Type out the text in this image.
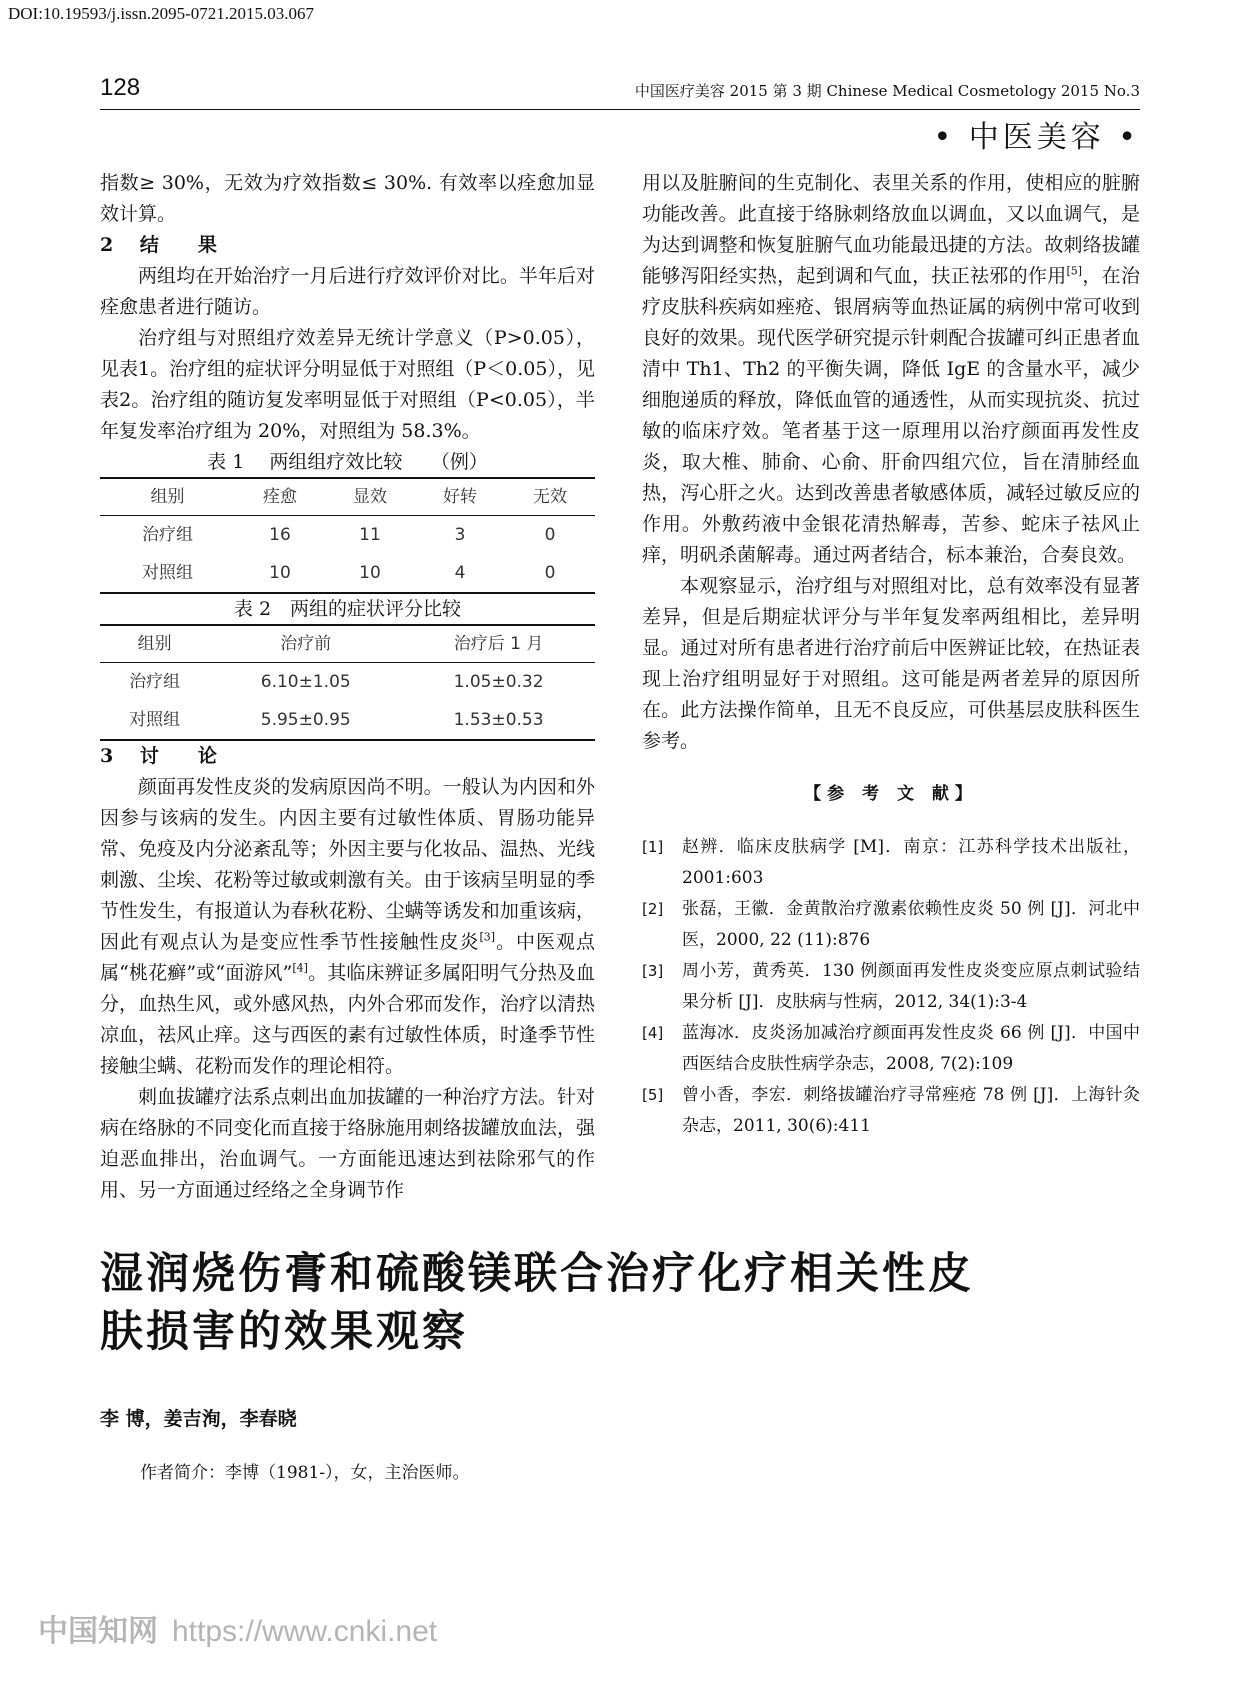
DOI:10.19593/j.issn.2095-0721.2015.03.067
128	中国医疗美容 2015 第 3 期 Chinese Medical Cosmetology 2015 No.3
• 中医美容 •

指数≥ 30%，无效为疗效指数≤ 30%. 有效率以痊愈加显效计算。

2 结　果

两组均在开始治疗一月后进行疗效评价对比。半年后对痊愈患者进行随访。

治疗组与对照组疗效差异无统计学意义（P>0.05），见表1。治疗组的症状评分明显低于对照组（P＜0.05），见表2。治疗组的随访复发率明显低于对照组（P<0.05），半年复发率治疗组为 20%，对照组为 58.3%。

表 1　 两组组疗效比较　　（例）

组别	痊愈	显效	好转	无效
治疗组	16	11	3	0
对照组	10	10	4	0

表 2　两组的症状评分比较

组别	治疗前	治疗后 1 月
治疗组	6.10±1.05	1.05±0.32
对照组	5.95±0.95	1.53±0.53

3 讨　论

颜面再发性皮炎的发病原因尚不明。一般认为内因和外因参与该病的发生。内因主要有过敏性体质、胃肠功能异常、免疫及内分泌紊乱等；外因主要与化妆品、温热、光线刺激、尘埃、花粉等过敏或刺激有关。由于该病呈明显的季节性发生，有报道认为春秋花粉、尘螨等诱发和加重该病，因此有观点认为是变应性季节性接触性皮炎[3]。中医观点属“桃花癣”或“面游风”[4]。其临床辨证多属阳明气分热及血分，血热生风，或外感风热，内外合邪而发作，治疗以清热凉血，祛风止痒。这与西医的素有过敏性体质，时逢季节性接触尘螨、花粉而发作的理论相符。

刺血拔罐疗法系点刺出血加拔罐的一种治疗方法。针对病在络脉的不同变化而直接于络脉施用刺络拔罐放血法，强迫恶血排出，治血调气。一方面能迅速达到祛除邪气的作用、另一方面通过经络之全身调节作

用以及脏腑间的生克制化、表里关系的作用，使相应的脏腑功能改善。此直接于络脉刺络放血以调血，又以血调气，是为达到调整和恢复脏腑气血功能最迅捷的方法。故刺络拔罐能够泻阳经实热，起到调和气血，扶正祛邪的作用[5]，在治疗皮肤科疾病如痤疮、银屑病等血热证属的病例中常可收到良好的效果。现代医学研究提示针刺配合拔罐可纠正患者血清中 Th1、Th2 的平衡失调，降低 IgE 的含量水平，减少细胞递质的释放，降低血管的通透性，从而实现抗炎、抗过敏的临床疗效。笔者基于这一原理用以治疗颜面再发性皮炎，取大椎、肺俞、心俞、肝俞四组穴位，旨在清肺经血热，泻心肝之火。达到改善患者敏感体质，减轻过敏反应的作用。外敷药液中金银花清热解毒，苦参、蛇床子祛风止痒，明矾杀菌解毒。通过两者结合，标本兼治，合奏良效。

本观察显示，治疗组与对照组对比，总有效率没有显著差异，但是后期症状评分与半年复发率两组相比，差异明显。通过对所有患者进行治疗前后中医辨证比较，在热证表现上治疗组明显好于对照组。这可能是两者差异的原因所在。此方法操作简单，且无不良反应，可供基层皮肤科医生参考。

【参 考 文 献】
[1]	赵辨．临床皮肤病学 [M]．南京：江苏科学技术出版社，2001:603
[2]	张磊，王徽．金黄散治疗激素依赖性皮炎 50 例 [J]．河北中医，2000, 22 (11):876
[3]	周小芳，黄秀英．130 例颜面再发性皮炎变应原点刺试验结果分析 [J]．皮肤病与性病，2012, 34(1):3-4
[4]	蓝海冰．皮炎汤加减治疗颜面再发性皮炎 66 例 [J]．中国中西医结合皮肤性病学杂志，2008, 7(2):109
[5]	曾小香，李宏．刺络拔罐治疗寻常痤疮 78 例 [J]．上海针灸杂志，2011, 30(6):411
湿润烧伤膏和硫酸镁联合治疗化疗相关性皮肤损害的效果观察
李 博，姜吉洵，李春晓
作者简介：李博（1981-），女，主治医师。
中国知网 https://www.cnki.net
